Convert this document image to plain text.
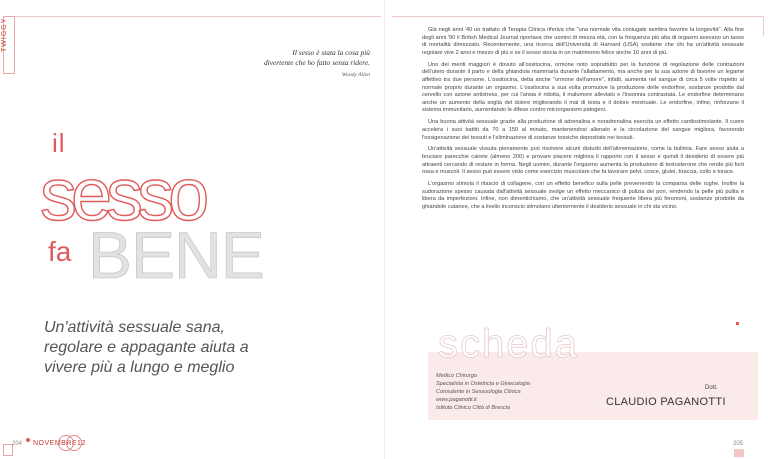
TWIGGY
Il sesso è stata la cosa più
divertente che ho fatto senza ridere.
Woody Allen
il
sesso
fa BENE
Un'attività sessuale sana,
regolare e appagante aiuta a
vivere più a lungo e meglio
204 NOVEMBRE12

Già negli anni '40 un trattato di Terapia Clinica riferiva che "una normale vita coniugale sembra favorire la longevità". Alla fine degli anni '90 il British Medical Journal riportava che uomini di mezza età, con la frequenza più alta di orgasmi avevano un tasso di mortalità dimezzato. Recentemente, una ricerca dell'Università di Harvard (USA) sostiene che chi ha un'attività sessuale regolare vive 2 anni e mezzo di più e se il sesso stocia in un matrimonio felice anche 10 anni di più.

Uno dei meriti maggiori è dovuto all'ossitocina, ormone noto soprattutto per la funzione di regolazione delle contrazioni dell'utero durante il parto e della ghiandola mammaria durante l'allattamento, ma anche per la sua azione di favorire un legame affettivo tra due persone. L'ossitocina, detta anche "ormone dell'amore", infatti, aumenta nel sangue di circa 5 volte rispetto al normale proprio durante un orgasmo. L'ossitocina a sua volta promuove la produzione delle endorfine, sostanze prodotte dal cervello con azione antistress, per cui l'ansia è ridotta, il malumore alleviato e l'insonnia contrastata. Le endorfine determinano anche un aumento della soglia del dolore migliorando il mal di testa e il dolore mestruale. Le endorfine, infine, rinforzano il sistema immunitario, aumentando le difese contro microrganismi patogeni.

Una buona attività sessuale grazie alla produzione di adrenalina e noradrenalina esercita un effetto cardiostimolante. Il cuore accelera i suoi battiti da 70 a 150 al minuto, mantenendosi allenato e la circolazione del sangue migliora, favorendo l'ossigenazione dei tessuti e l'eliminazione di sostanze tossiche depositate nei tessuti.

Un'attività sessuale vissuta pienamente può risolvere alcuni disturbi dell'alimentazione, come la bulimia. Fare sesso aiuta a bruciare parecchie calorie (almeno 200) e provare piacere migliora il rapporto con il sesso e quindi il desiderio di essere più attraenti cercando di restare in forma. Negli uomini, durante l'orgasmo aumenta la produzione di testosterone che rende più forti ossa e muscoli. Il sesso può essere visto come esercizio muscolare che fa lavorare pelvi, cosce, glutei, braccia, collo e torace.

L'orgasmo stimola il rilascio di collagene, con un effetto benefico sulla pelle prevenendo la comparsa delle rughe. Inoltre la sudorazione spesso causata dall'attività sessuale svolge un effetto meccanico di pulizia dei pori, rendendo la pelle più pulita e libera da imperfezioni. Infine, non dimentichiamo, che un'attività sessuale frequente libera più feromoni, sostanze prodotte da ghiandole cutanee, che a livello inconscio stimolano ulteriormente il desiderio sessuale in chi sta vicino.

scheda
Medico Chirurgo
Specialista in Ostetricia e Ginecologia
Consulente in Sessuologia Clinica
www.paganotti.it
Istituto Clinico Città di Brescia
Dott.
CLAUDIO PAGANOTTI
205
